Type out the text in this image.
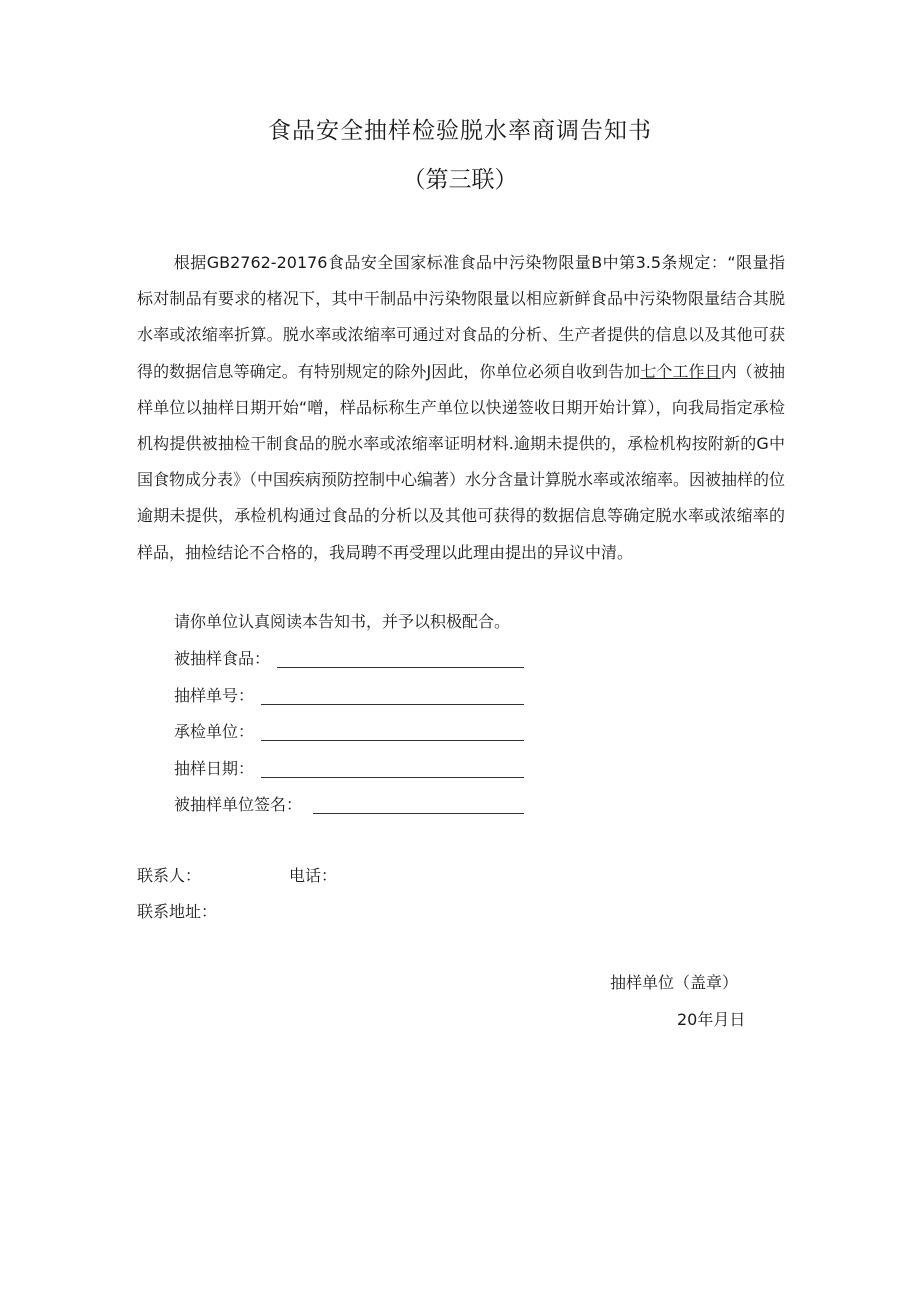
食品安全抽样检验脱水率商调告知书
（第三联）

根据GB2762-20176食品安全国家标准食品中污染物限量B中第3.5条规定：“限量指标对制品有要求的楮况下，其中干制品中污染物限量以相应新鲜食品中污染物限量结合其脱水率或浓缩率折算。脱水率或浓缩率可通过对食品的分析、生产者提供的信息以及其他可获得的数据信息等确定。有特别规定的除外J因此，你单位必须自收到告加七个工作日内（被抽样单位以抽样日期开始“噌，样品标称生产单位以快递签收日期开始计算），向我局指定承检机构提供被抽检干制食品的脱水率或浓缩率证明材料.逾期未提供的，承检机构按附新的G中国食物成分表》（中国疾病预防控制中心编著）水分含量计算脱水率或浓缩率。因被抽样的位逾期未提供，承检机构通过食品的分析以及其他可获得的数据信息等确定脱水率或浓缩率的样品，抽检结论不合格的，我局聘不再受理以此理由提出的异议中清。

请你单位认真阅读本告知书，并予以积极配合。
被抽样食品：
抽样单号：
承检单位：
抽样日期：
被抽样单位签名：
联系人：	电话：
联系地址：
抽样单位（盖章）
20年月日
